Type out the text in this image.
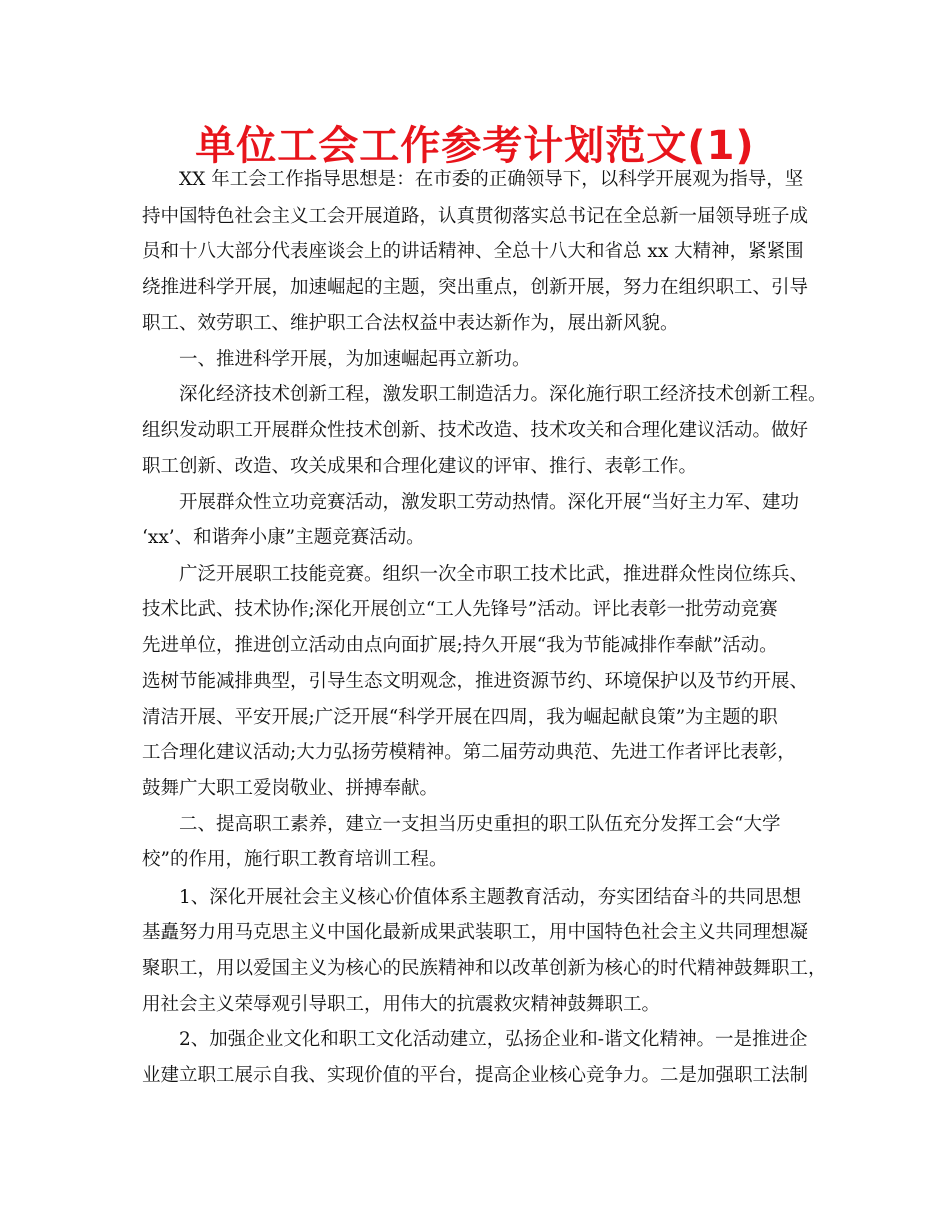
单位工会工作参考计划范文(1)
XX 年工会工作指导思想是：在市委的正确领导下，以科学开展观为指导，坚
持中国特色社会主义工会开展道路，认真贯彻落实总书记在全总新一届领导班子成
员和十八大部分代表座谈会上的讲话精神、全总十八大和省总 xx 大精神，紧紧围
绕推进科学开展，加速崛起的主题，突出重点，创新开展，努力在组织职工、引导
职工、效劳职工、维护职工合法权益中表达新作为，展出新风貌。
一、推进科学开展，为加速崛起再立新功。
深化经济技术创新工程，激发职工制造活力。深化施行职工经济技术创新工程。
组织发动职工开展群众性技术创新、技术改造、技术攻关和合理化建议活动。做好
职工创新、改造、攻关成果和合理化建议的评审、推行、表彰工作。
开展群众性立功竞赛活动，激发职工劳动热情。深化开展“当好主力军、建功
‘xx’、和谐奔小康”主题竞赛活动。
广泛开展职工技能竞赛。组织一次全市职工技术比武，推进群众性岗位练兵、
技术比武、技术协作;深化开展创立“工人先锋号”活动。评比表彰一批劳动竞赛
先进单位，推进创立活动由点向面扩展;持久开展“我为节能减排作奉献”活动。
选树节能减排典型，引导生态文明观念，推进资源节约、环境保护以及节约开展、
清洁开展、平安开展;广泛开展“科学开展在四周，我为崛起献良策”为主题的职
工合理化建议活动;大力弘扬劳模精神。第二届劳动典范、先进工作者评比表彰，
鼓舞广大职工爱岗敬业、拼搏奉献。
二、提高职工素养，建立一支担当历史重担的职工队伍充分发挥工会“大学
校”的作用，施行职工教育培训工程。
1、深化开展社会主义核心价值体系主题教育活动，夯实团结奋斗的共同思想
基矗努力用马克思主义中国化最新成果武装职工，用中国特色社会主义共同理想凝
聚职工，用以爱国主义为核心的民族精神和以改革创新为核心的时代精神鼓舞职工，
用社会主义荣辱观引导职工，用伟大的抗震救灾精神鼓舞职工。
2、加强企业文化和职工文化活动建立，弘扬企业和-谐文化精神。一是推进企
业建立职工展示自我、实现价值的平台，提高企业核心竞争力。二是加强职工法制
